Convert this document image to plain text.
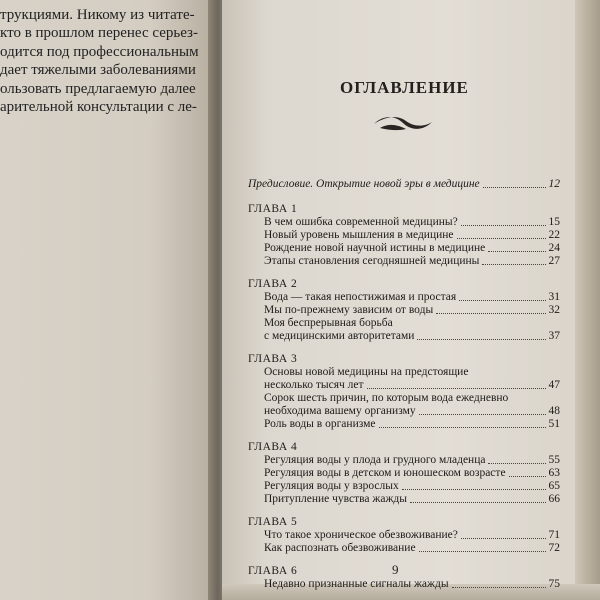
трукциями. Никому из читате-
кто в прошлом перенес серьез-
одится под профессиональным
дает тяжелыми заболеваниями
ользовать предлагаемую далее
арительной консультации с ле-
ОГЛАВЛЕНИЕ
Предисловие. Открытие новой эры в медицине	12
ГЛАВА 1
В чем ошибка современной медицины?	15
Новый уровень мышления в медицине	22
Рождение новой научной истины в медицине	24
Этапы становления сегодняшней медицины	27
ГЛАВА 2
Вода — такая непостижимая и простая	31
Мы по-прежнему зависим от воды	32
Моя беспрерывная борьба
с медицинскими авторитетами	37
ГЛАВА 3
Основы новой медицины на предстоящие
несколько тысяч лет	47
Сорок шесть причин, по которым вода ежедневно
необходима вашему организму	48
Роль воды в организме	51
ГЛАВА 4
Регуляция воды у плода и грудного младенца	55
Регуляция воды в детском и юношеском возрасте	63
Регуляция воды у взрослых	65
Притупление чувства жажды	66
ГЛАВА 5
Что такое хроническое обезвоживание?	71
Как распознать обезвоживание	72
ГЛАВА 6
Недавно признанные сигналы жажды	75
9
